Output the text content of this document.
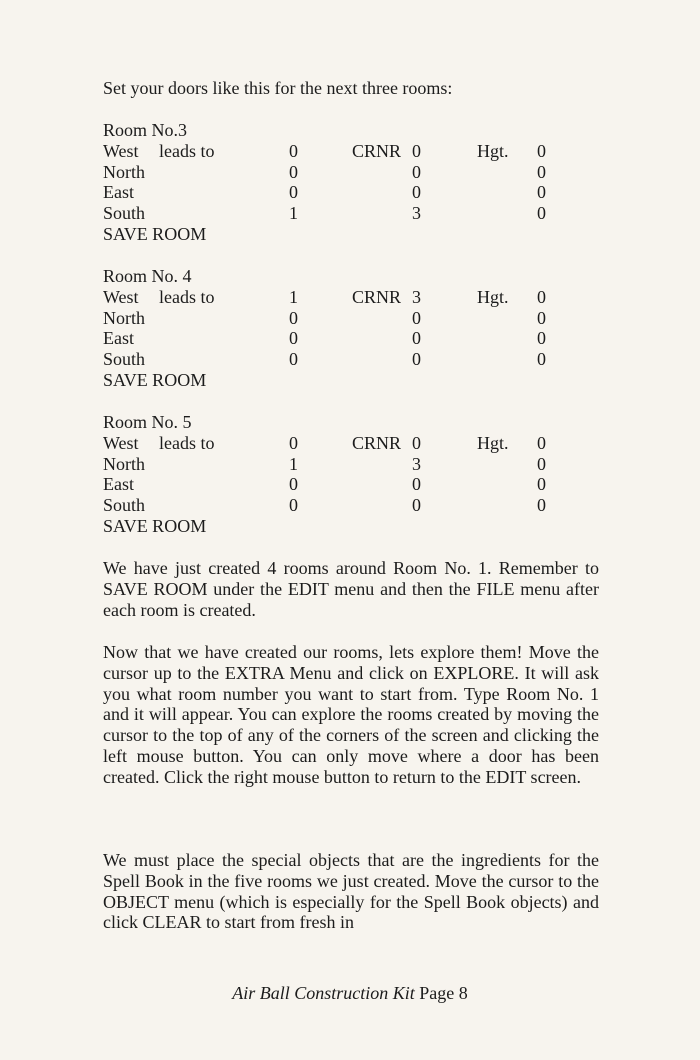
Set your doors like this for the next three rooms:
Room No.3
West leads to	0	CRNR 0	Hgt. 0
North	0	0	0
East	0	0	0
South	1	3	0
SAVE ROOM
Room No. 4
West leads to	1	CRNR 3	Hgt. 0
North	0	0	0
East	0	0	0
South	0	0	0
SAVE ROOM
Room No. 5
West leads to	0	CRNR 0	Hgt. 0
North	1	3	0
East	0	0	0
South	0	0	0
SAVE ROOM

We have just created 4 rooms around Room No. 1. Remember to SAVE ROOM under the EDIT menu and then the FILE menu after each room is created.

Now that we have created our rooms, lets explore them! Move the cursor up to the EXTRA Menu and click on EXPLORE. It will ask you what room number you want to start from. Type Room No. 1 and it will appear. You can explore the rooms created by moving the cursor to the top of any of the corners of the screen and clicking the left mouse button. You can only move where a door has been created. Click the right mouse button to return to the EDIT screen.

We must place the special objects that are the ingredients for the Spell Book in the five rooms we just created. Move the cursor to the OBJECT menu (which is especially for the Spell Book objects) and click CLEAR to start from fresh in

Air Ball Construction Kit Page 8
